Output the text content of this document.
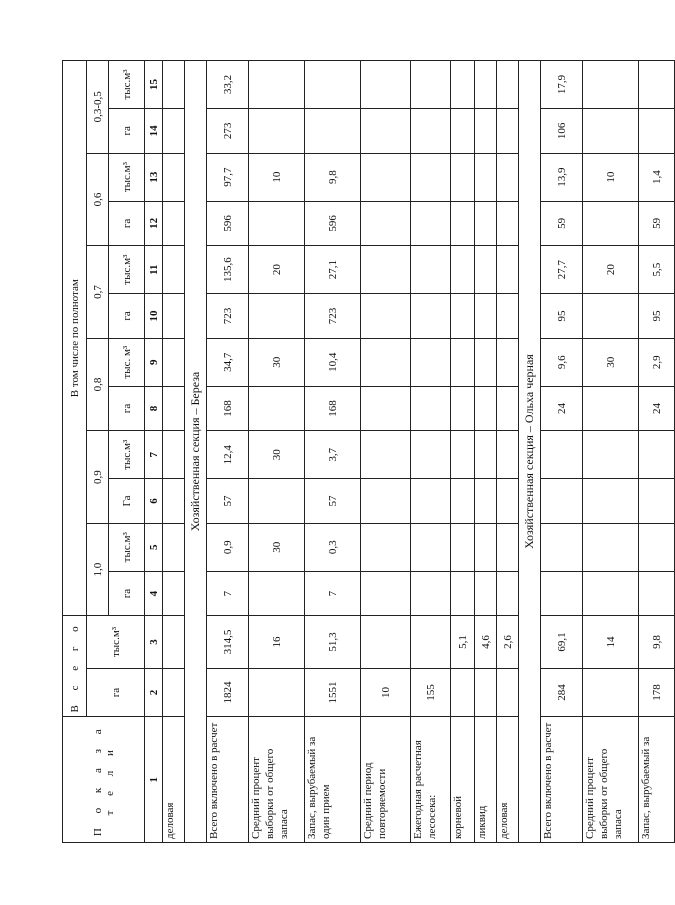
П о к а з а т е л и	В с е г о		В том числе по полнотам											
	га	тыс.м³	1,0		0,9		0,8		0,7		0,6		0,3-0,5	
			га	тыс.м³	Га	тыс.м³	га	тыс. м³	га	тыс.м³	га	тыс.м³	га	тыс.м³
1	2	3	4	5	6	7	8	9	10	11	12	13	14	15
деловая														
Хозяйственная секция – Береза														
Всего включено в расчет	1824	314,5	7	0,9	57	12,4	168	34,7	723	135,6	596	97,7	273	33,2
Средний процент выборки от общего запаса		16		30		30		30		20		10		
Запас, вырубаемый за один прием	1551	51,3	7	0,3	57	3,7	168	10,4	723	27,1	596	9,8		
Средний период повторяемости	10													
Ежегодная расчетная лесосека:	155													
корневой		5,1												
ликвид		4,6												
деловая		2,6												
Хозяйственная секция – Ольха черная														
Всего включено в расчет	284	69,1					24	9,6	95	27,7	59	13,9	106	17,9
Средний процент выборки от общего запаса		14						30		20		10		
Запас, вырубаемый за	178	9,8					24	2,9	95	5,5	59	1,4		
